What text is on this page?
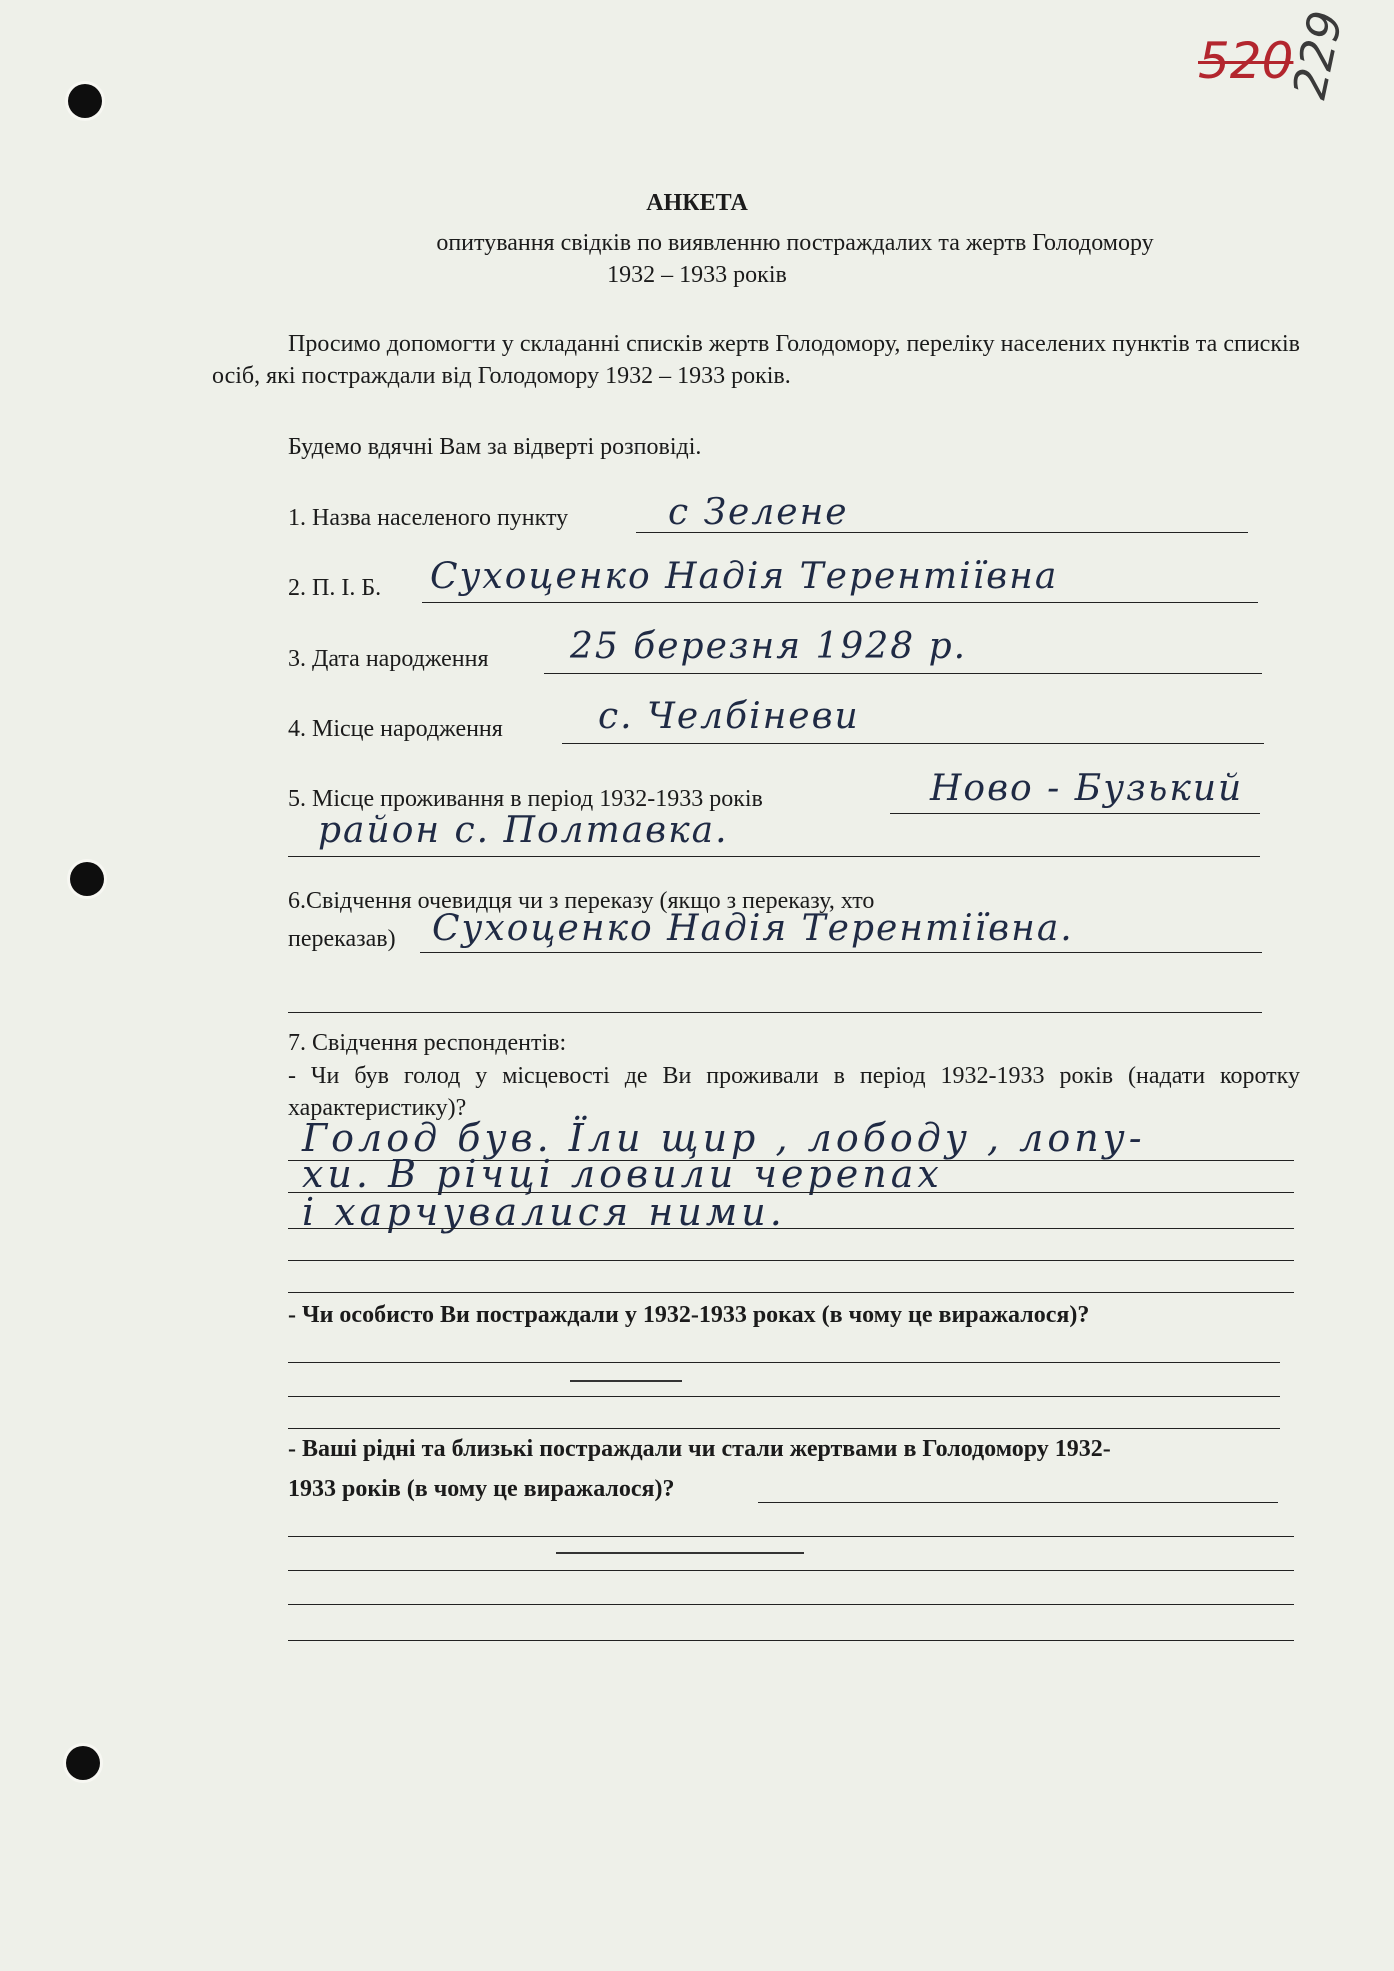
520
229
АНКЕТА
опитування свідків по виявленню постраждалих та жертв Голодомору
1932 – 1933 років
Просимо допомогти у складанні списків жертв Голодомору, переліку населених пунктів та списків осіб, які постраждали від Голодомору 1932 – 1933 років.
Будемо вдячні Вам за відверті розповіді.
1. Назва населеного пункту	с Зелене
2. П. І. Б. Сухоценко Надія Терентіївна
3. Дата народження 25 березня 1928 р.
4. Місце народження	с. Челбіневи
5. Місце проживання в період 1932-1933 років	Ново - Бузький
район с. Полтавка.
6.Свідчення очевидця чи з переказу (якщо з переказу, хто
переказав) Сухоценко Надія Терентіївна.
7. Свідчення респондентів:
- Чи був голод у місцевості де Ви проживали в період 1932-1933 років (надати коротку характеристику)?
Голод був. Їли щир , лободу , лопу-
хи. В річці ловили черепах
і харчувалися ними.
- Чи особисто Ви постраждали у 1932-1933 роках (в чому це виражалося)?
- Ваші рідні та близькі постраждали чи стали жертвами в Голодомору 1932-
1933 років (в чому це виражалося)?
